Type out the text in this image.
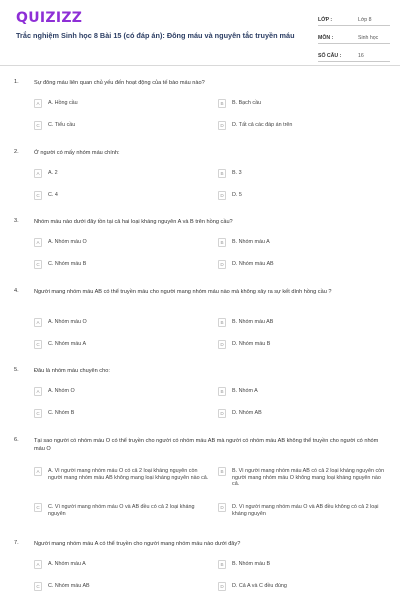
QUIZIZZ
Trắc nghiệm Sinh học 8 Bài 15 (có đáp án): Đông máu và nguyên tắc truyền máu
LỚP :	Lớp 8
MÔN :	Sinh học
SỐ CÂU :	16
1.	Sự đông máu liên quan chủ yếu đến hoạt động của tế bào máu nào?
A	A. Hồng cầu	B	B. Bạch cầu
C	C. Tiểu cầu	D	D. Tất cả các đáp án trên
2.	Ở người có mấy nhóm máu chính:
A	A. 2	B	B. 3
C	C. 4	D	D. 5
3.	Nhóm máu nào dưới đây tồn tại cả hai loại kháng nguyên A và B trên hồng cầu?
A	A. Nhóm máu O	B	B. Nhóm máu A
C	C. Nhóm máu B	D	D. Nhóm máu AB
4.	Người mang nhóm máu AB có thể truyền máu cho người mang nhóm máu nào mà không xảy ra sự kết dính hồng cầu ?
A	A. Nhóm máu O	B	B. Nhóm máu AB
C	C. Nhóm máu A	D	D. Nhóm máu B
5.	Đâu là nhóm máu chuyên cho:
A	A. Nhóm O	B	B. Nhóm A
C	C. Nhóm B	D	D. Nhóm AB
6.	Tại sao người có nhóm máu O có thể truyền cho người có nhóm máu AB mà người có nhóm máu AB không thể truyền cho người có nhóm máu O
A	A. Vì người mang nhóm máu O có cả 2 loại kháng nguyên còn người mang nhóm máu AB không mang loại kháng nguyên nào cả.
B	B. Vì người mang nhóm máu AB có cả 2 loại kháng nguyên còn người mang nhóm máu O không mang loại kháng nguyên nào cả.
C	C. Vì người mang nhóm máu O và AB đều có cả 2 loại kháng nguyên
D	D. Vì người mang nhóm máu O và AB đều không có cả 2 loại kháng nguyên
7.	Người mang nhóm máu A có thể truyền cho người mang nhóm máu nào dưới đây?
A	A. Nhóm máu A	B	B. Nhóm máu B
C	C. Nhóm máu AB	D	D. Cả A và C đều đúng
